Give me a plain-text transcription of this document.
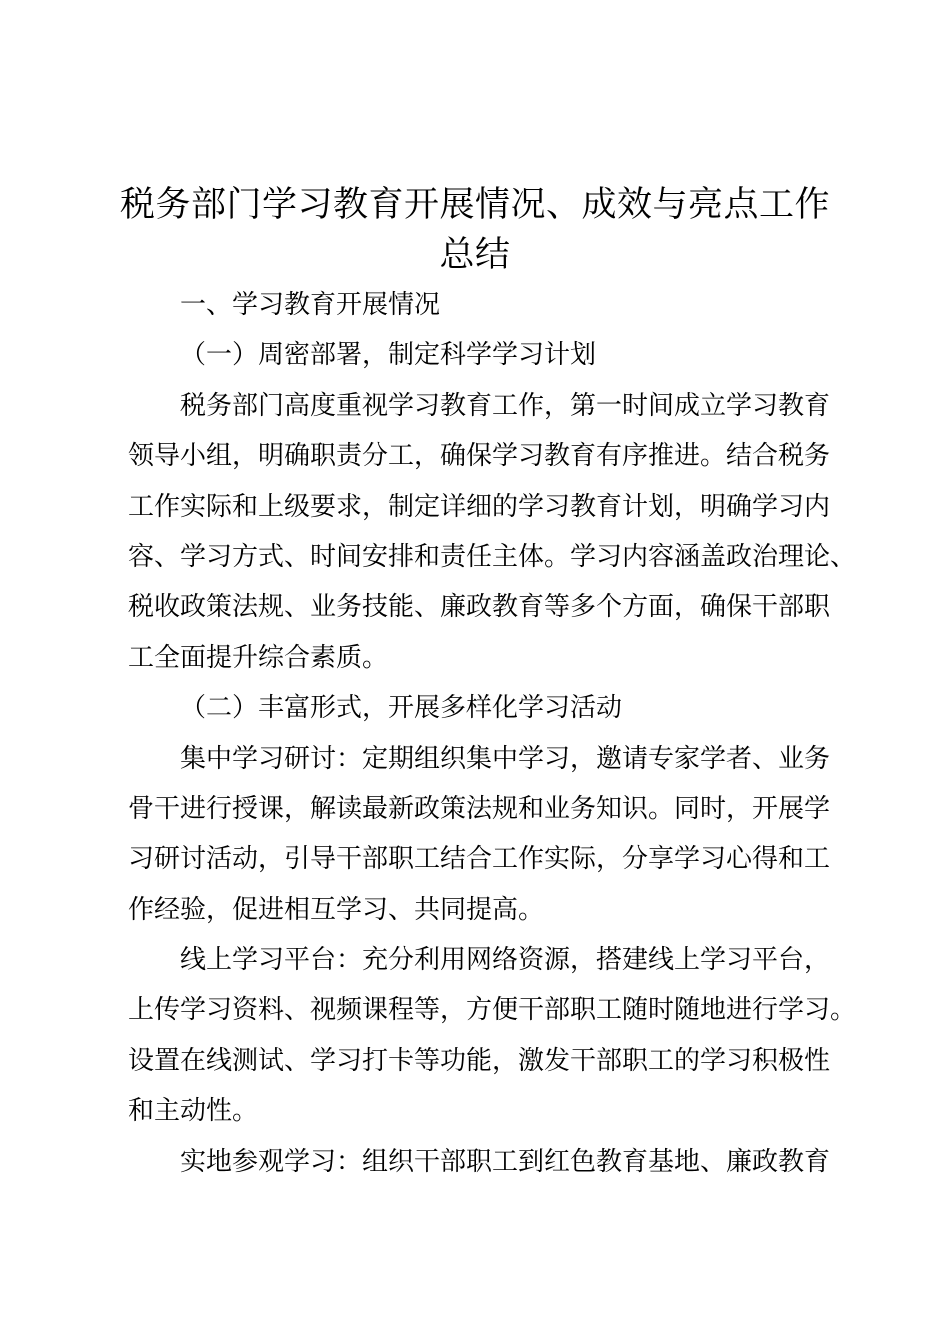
税务部门学习教育开展情况、成效与亮点工作
总结
一、学习教育开展情况
（一）周密部署，制定科学学习计划
税务部门高度重视学习教育工作，第一时间成立学习教育
领导小组，明确职责分工，确保学习教育有序推进。结合税务
工作实际和上级要求，制定详细的学习教育计划，明确学习内
容、学习方式、时间安排和责任主体。学习内容涵盖政治理论、
税收政策法规、业务技能、廉政教育等多个方面，确保干部职
工全面提升综合素质。
（二）丰富形式，开展多样化学习活动
集中学习研讨：定期组织集中学习，邀请专家学者、业务
骨干进行授课，解读最新政策法规和业务知识。同时，开展学
习研讨活动，引导干部职工结合工作实际，分享学习心得和工
作经验，促进相互学习、共同提高。
线上学习平台：充分利用网络资源，搭建线上学习平台，
上传学习资料、视频课程等，方便干部职工随时随地进行学习。
设置在线测试、学习打卡等功能，激发干部职工的学习积极性
和主动性。
实地参观学习：组织干部职工到红色教育基地、廉政教育
